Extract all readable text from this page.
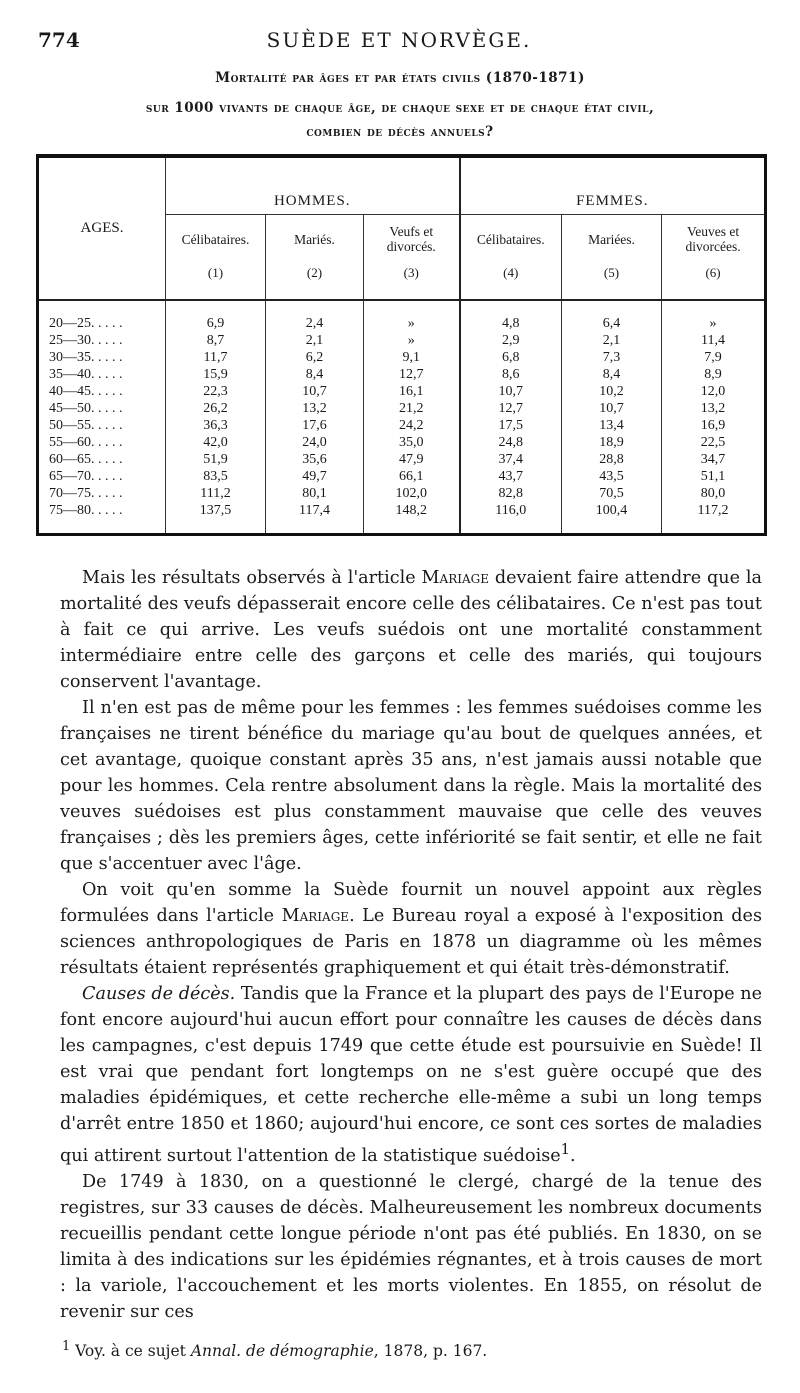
774	SUÈDE ET NORVÈGE.
Mortalité par âges et par états civils (1870-1871)
sur 1000 vivants de chaque âge, de chaque sexe et de chaque état civil,
combien de décès annuels?
AGES.	HOMMES.			FEMMES.		
	Célibataires.	Mariés.	Veufs et divorcés.	Célibataires.	Mariées.	Veuves et divorcées.
	(1)	(2)	(3)	(4)	(5)	(6)

20—25. . . . .	6,9	2,4	»	4,8	6,4	»
25—30. . . . .	8,7	2,1	»	2,9	2,1	11,4
30—35. . . . .	11,7	6,2	9,1	6,8	7,3	7,9
35—40. . . . .	15,9	8,4	12,7	8,6	8,4	8,9
40—45. . . . .	22,3	10,7	16,1	10,7	10,2	12,0
45—50. . . . .	26,2	13,2	21,2	12,7	10,7	13,2
50—55. . . . .	36,3	17,6	24,2	17,5	13,4	16,9
55—60. . . . .	42,0	24,0	35,0	24,8	18,9	22,5
60—65. . . . .	51,9	35,6	47,9	37,4	28,8	34,7
65—70. . . . .	83,5	49,7	66,1	43,7	43,5	51,1
70—75. . . . .	111,2	80,1	102,0	82,8	70,5	80,0
75—80. . . . .	137,5	117,4	148,2	116,0	100,4	117,2

Mais les résultats observés à l'article Mariage devaient faire attendre que la mortalité des veufs dépasserait encore celle des célibataires. Ce n'est pas tout à fait ce qui arrive. Les veufs suédois ont une mortalité constamment intermédiaire entre celle des garçons et celle des mariés, qui toujours conservent l'avantage.

Il n'en est pas de même pour les femmes : les femmes suédoises comme les françaises ne tirent bénéfice du mariage qu'au bout de quelques années, et cet avantage, quoique constant après 35 ans, n'est jamais aussi notable que pour les hommes. Cela rentre absolument dans la règle. Mais la mortalité des veuves suédoises est plus constamment mauvaise que celle des veuves françaises ; dès les premiers âges, cette infériorité se fait sentir, et elle ne fait que s'accentuer avec l'âge.

On voit qu'en somme la Suède fournit un nouvel appoint aux règles formulées dans l'article Mariage. Le Bureau royal a exposé à l'exposition des sciences anthropologiques de Paris en 1878 un diagramme où les mêmes résultats étaient représentés graphiquement et qui était très-démonstratif.

Causes de décès. Tandis que la France et la plupart des pays de l'Europe ne font encore aujourd'hui aucun effort pour connaître les causes de décès dans les campagnes, c'est depuis 1749 que cette étude est poursuivie en Suède! Il est vrai que pendant fort longtemps on ne s'est guère occupé que des maladies épidémiques, et cette recherche elle-même a subi un long temps d'arrêt entre 1850 et 1860; aujourd'hui encore, ce sont ces sortes de maladies qui attirent surtout l'attention de la statistique suédoise$^1$.

De 1749 à 1830, on a questionné le clergé, chargé de la tenue des registres, sur 33 causes de décès. Malheureusement les nombreux documents recueillis pendant cette longue période n'ont pas été publiés. En 1830, on se limita à des indications sur les épidémies régnantes, et à trois causes de mort : la variole, l'accouchement et les morts violentes. En 1855, on résolut de revenir sur ces

$^1$ Voy. à ce sujet Annal. de démographie, 1878, p. 167.
